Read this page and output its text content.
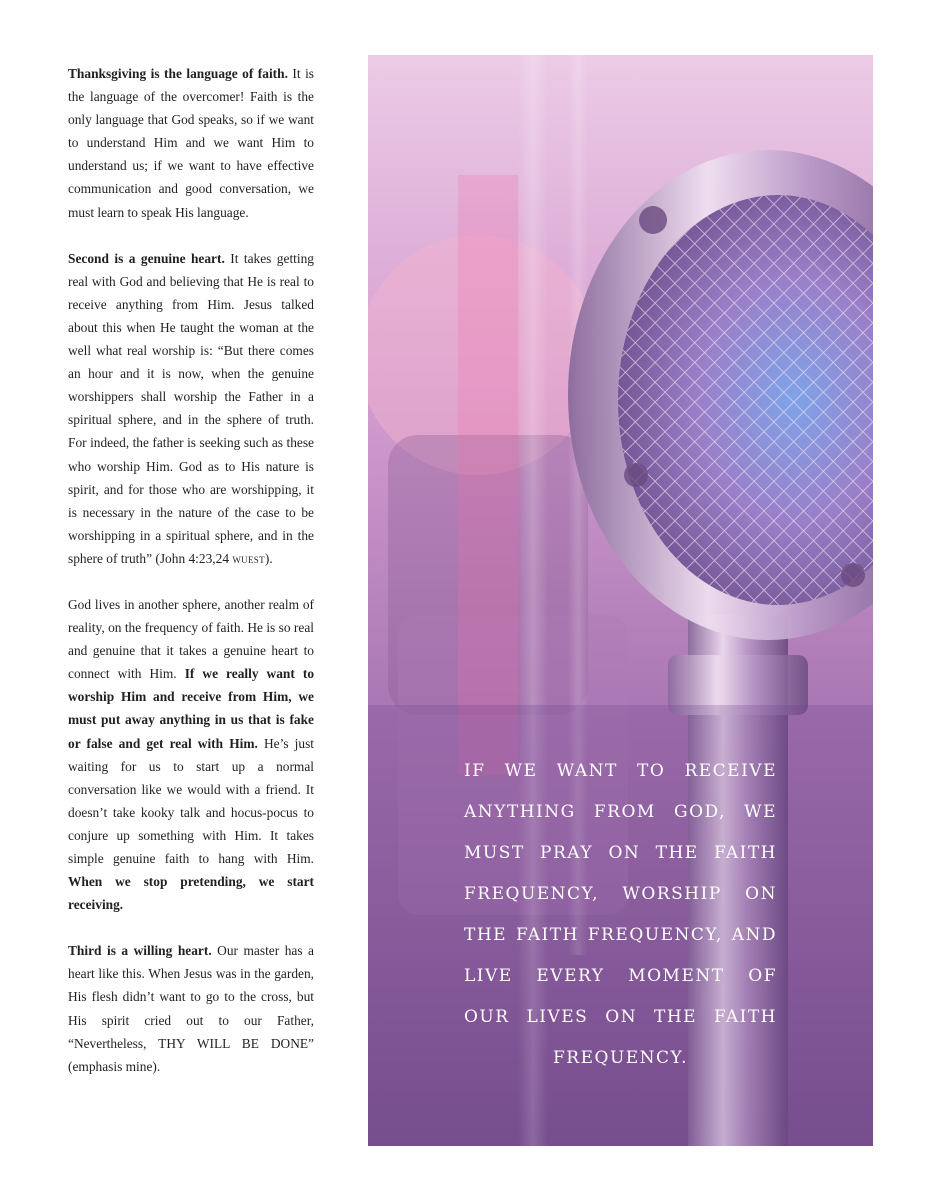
Thanksgiving is the language of faith. It is the language of the overcomer! Faith is the only language that God speaks, so if we want to understand Him and we want Him to understand us; if we want to have effective communication and good conversation, we must learn to speak His language.

Second is a genuine heart. It takes getting real with God and believing that He is real to receive anything from Him. Jesus talked about this when He taught the woman at the well what real worship is: “But there comes an hour and it is now, when the genuine worshippers shall worship the Father in a spiritual sphere, and in the sphere of truth. For indeed, the father is seeking such as these who worship Him. God as to His nature is spirit, and for those who are worshipping, it is necessary in the nature of the case to be worshipping in a spiritual sphere, and in the sphere of truth” (John 4:23,24 wuest).

God lives in another sphere, another realm of reality, on the frequency of faith. He is so real and genuine that it takes a genuine heart to connect with Him. If we really want to worship Him and receive from Him, we must put away anything in us that is fake or false and get real with Him. He’s just waiting for us to start up a normal conversation like we would with a friend. It doesn’t take kooky talk and hocus-pocus to conjure up something with Him. It takes simple genuine faith to hang with Him. When we stop pretending, we start receiving.

Third is a willing heart. Our master has a heart like this. When Jesus was in the garden, His flesh didn’t want to go to the cross, but His spirit cried out to our Father, “Nevertheless, THY WILL BE DONE” (emphasis mine).

IF WE WANT TO RECEIVE ANYTHING FROM GOD, WE MUST PRAY ON THE FAITH FREQUENCY, WORSHIP ON THE FAITH FREQUENCY, AND LIVE EVERY MOMENT OF OUR LIVES ON THE FAITH FREQUENCY.
